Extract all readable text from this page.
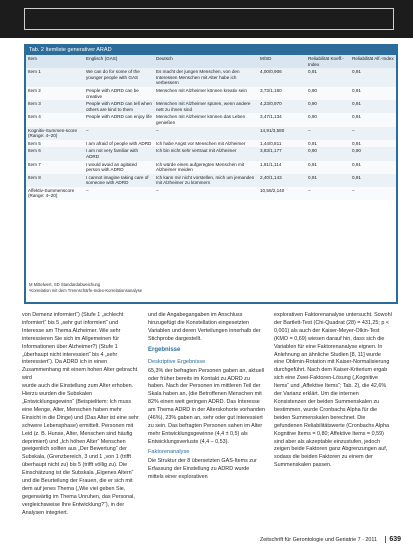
Tab. 2 Itemliste generativer ARAD
Item	Englisch (GAS)	Deutsch	M/SD	Reliabilität Koeff.-Index	Reliabilität Alf.-Index
Item 1	We can do for some of the younger people with GAS	Es macht der jungen Menschen, von den Interessen Menschen mit Alter habe ich verbessern	4,00/0,906	0,91	0,91
Item 2	People with ADRD can be creative	Menschen mit Alzheimer können kreativ sein	3,73/1,160	0,90	0,91
Item 3	People with ADRD can tell when others are kind to them	Menschen mit Alzheimer spüren, wenn andere nett zu ihnen sind	4,23/0,970	0,90	0,91
Item 4	People with ADRD can enjoy life	Menschen mit Alzheimer können das Leben genießen	3,47/1,134	0,90	0,91
Kognitiv-Summen-score (Range: 4–20)	–	–	14,91/3,580	–	–
Item 5	I am afraid of people with ADRD	Ich habe Angst vor Menschen mit Alzheimer	1,44/0,811	0,91	0,91
Item 6	I am not very familiar with ADRD	Ich bin nicht sehr vertraut mit Alzheimer	3,83/1,177	0,90	0,90
Item 7	I would avoid an agitated person with ADRD	Ich würde einen aufgeregten Menschen mit Alzheimer meiden	1,91/1,114	0,91	0,91
Item 8	I cannot imagine taking care of someone with ADRD	Ich kann mir nicht vorstellen, mich um jemanden mit Alzheimer zu kümmern	2,40/1,143	0,91	0,91
Affektiv-Summenscore (Range: 4–20)	–	–	10,58/2,140	–	–
M Mittelwert, SD Standardabweichung
¹Korrelation mit dem Trennschärfe-Index-Korrelationsanalyse

von Demenz informiert“) (Stufe 1 „schlecht informiert“ bis 5 „sehr gut informiert“ und Interesse am Thema Alzheimer. Wie sehr interessieren Sie sich im Allgemeinen für Informationen über Alzheimer?) (Stufe 1 „überhaupt nicht interessiert“ bis 4 „sehr interessiert“). Da ADRD ich in einen Zusammenhang mit einem hohen Alter gebracht wird

wurde auch die Einstellung zum Alter erhoben. Hierzu wurden die Subskalen „Entwicklungsgewinn“ (Beispielitem: Ich muss eine Menge, Alter, Menschen haben mehr Einsicht in die Dinge) und (Das Alter ist eine sehr schwere Lebensphase) ermittelt. Personen mit Leid (z. B. Hunse, Alter, Menschen sind häufig deprimiert) und „Ich höhen Alter“ Menschen geeigenlich sollten aus „Der Bewertung“ der Subskala, (Grenzbereich, 3 und 1 „von 1 (trifft überhaupt nicht zu) bis 5 (trifft völlig zu). Die Einschätzung ist die Subskala „Eigenes Altern“ und die Beurteilung der Frauen, die er sich mit dem auf jenes Thema („Wie viel geben Sie, gegenwärtig im Thema Unruhen, das Personal, vergleichsweise Ihre Entwicklung?“), in der Analysen integriert.

und die Angabegangaben im Anschluss hinzugefügt die Konstellation eingesetzten Variablen und deren Verteilungen innerhalb der Stichprobe dargestellt.

Ergebnisse
Deskriptive Ergebnisse

65,3% der befragten Personen gaben an, aktuell oder früher bereits im Kontakt zu ADRD zu haben. Nach der Personen im mittleren Teil der Skala haben an, (die Betroffenen Menschen mit 82% einen weit geringen ADRD. Das Interesse am Thema ADRD in der Alterskohorte vorhanden (46%), 23% gaben an, sehr oder gut interessiert zu sein. Das befragten Personen sahen im Alter mehr Entwicklungsgewinne (4,4 ± 0,5) als Entwicklungsverluste (4,4 – 0,53).

Faktorenanalyse

Die Struktur der 8 übersetzten GAS-Items zur Erfassung der Einstellung zu ADRD wurde mittels einer explorativen

explorativen Faktorenanalyse untersucht. Sowohl der Bartlett-Test (Chi-Quadrat (28) = 431,25; p < 0,001) als auch der Kaiser-Meyer-Olkin-Test (KMO = 0,69) wiesen darauf hin, dass sich die Variablen für eine Faktorenanalyse eignen. In Anlehnung an ähnliche Studien [8, 11] wurde eine Oblimin-Rotation mit Kaiser-Normalisierung durchgeführt. Nach dem Kaiser-Kriterium ergab sich eine Zwei-Faktoren-Lösung („Kognitive Items“ und „Affektive Items“; Tab. 2), die 42,6% der Varianz erklärt. Um die internen Konsistenzen der beiden Summenskalen zu bestimmen, wurde Cronbachs Alpha für die beiden Summenskalen berechnet. Die gefundenen Reliabilitätswerte (Cronbachs Alpha Kognitive Items = 0,80; Affektive Items = 0,59) sind aber als akzeptable einzustufen, jedoch zeigen beide Faktoren ganz Abgrenzungen auf, sodass die beiden Faktoren zu einem der Summenskalen passen.

Zeitschrift für Gerontologie und Geriatrie 7 · 2011	639
